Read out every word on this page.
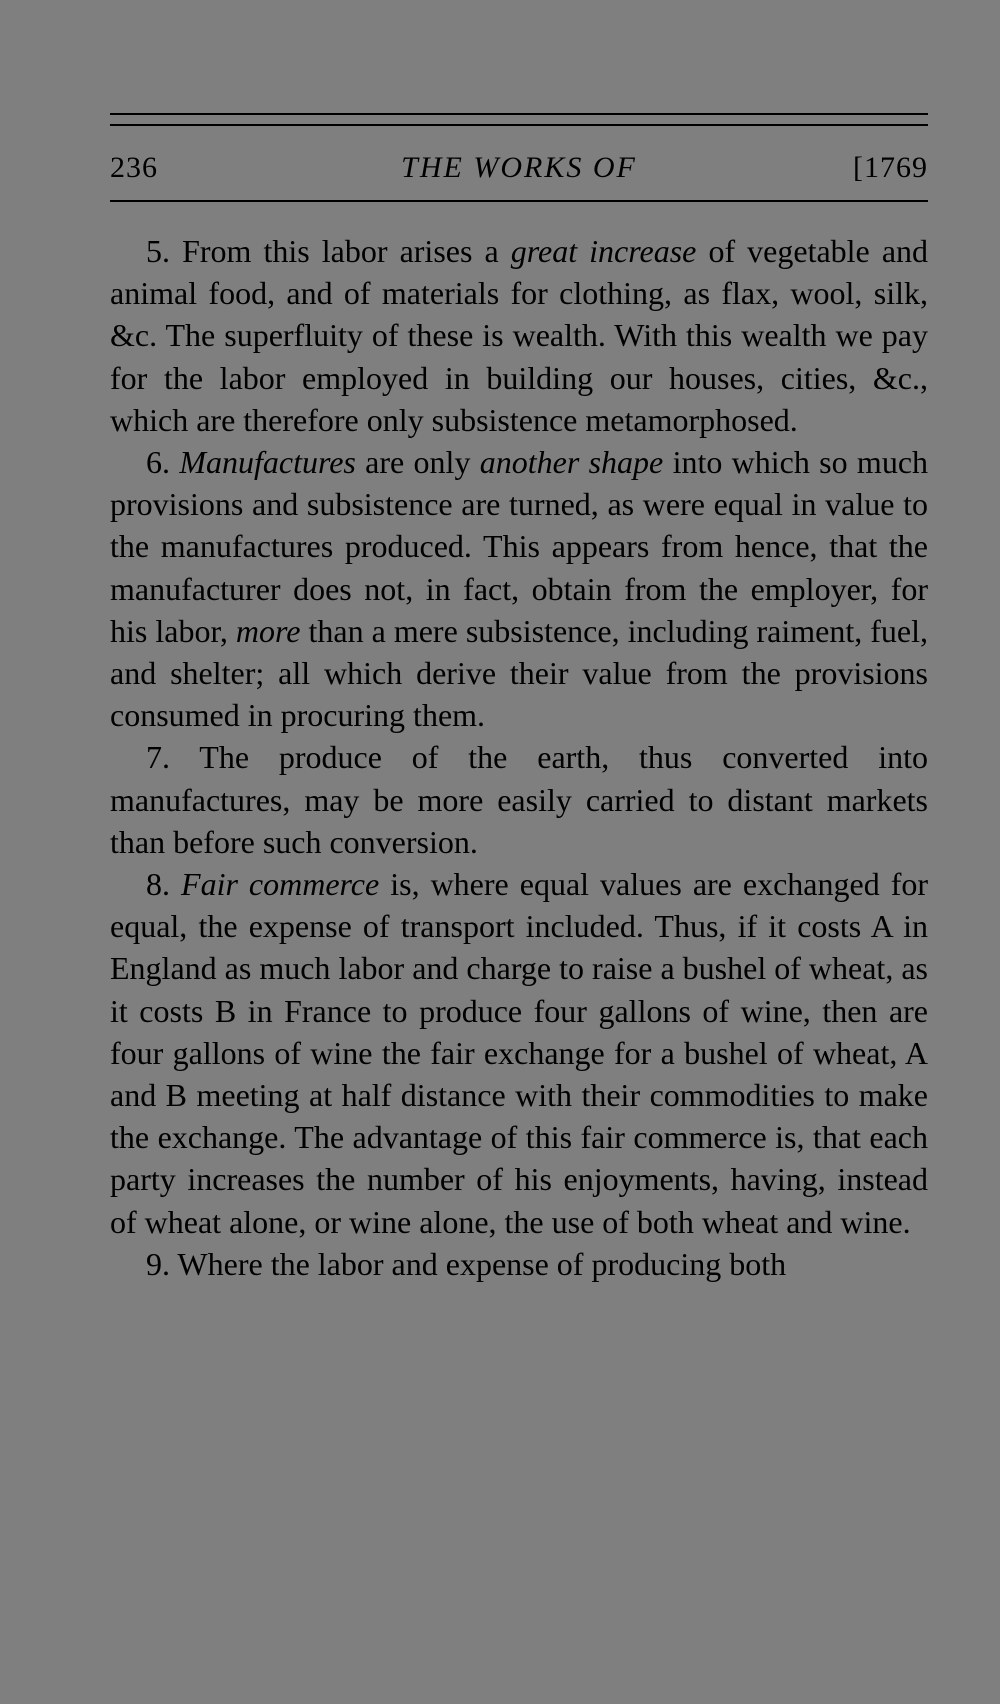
236	THE WORKS OF	[1769

5. From this labor arises a great increase of vegetable and animal food, and of materials for clothing, as flax, wool, silk, &c. The superfluity of these is wealth. With this wealth we pay for the labor employed in building our houses, cities, &c., which are therefore only subsistence metamorphosed.

6. Manufactures are only another shape into which so much provisions and subsistence are turned, as were equal in value to the manufactures produced. This appears from hence, that the manufacturer does not, in fact, obtain from the employer, for his labor, more than a mere subsistence, including raiment, fuel, and shelter; all which derive their value from the provisions consumed in procuring them.

7. The produce of the earth, thus converted into manufactures, may be more easily carried to distant markets than before such conversion.

8. Fair commerce is, where equal values are exchanged for equal, the expense of transport included. Thus, if it costs A in England as much labor and charge to raise a bushel of wheat, as it costs B in France to produce four gallons of wine, then are four gallons of wine the fair exchange for a bushel of wheat, A and B meeting at half distance with their commodities to make the exchange. The advantage of this fair commerce is, that each party increases the number of his enjoyments, having, instead of wheat alone, or wine alone, the use of both wheat and wine.

9. Where the labor and expense of producing both
